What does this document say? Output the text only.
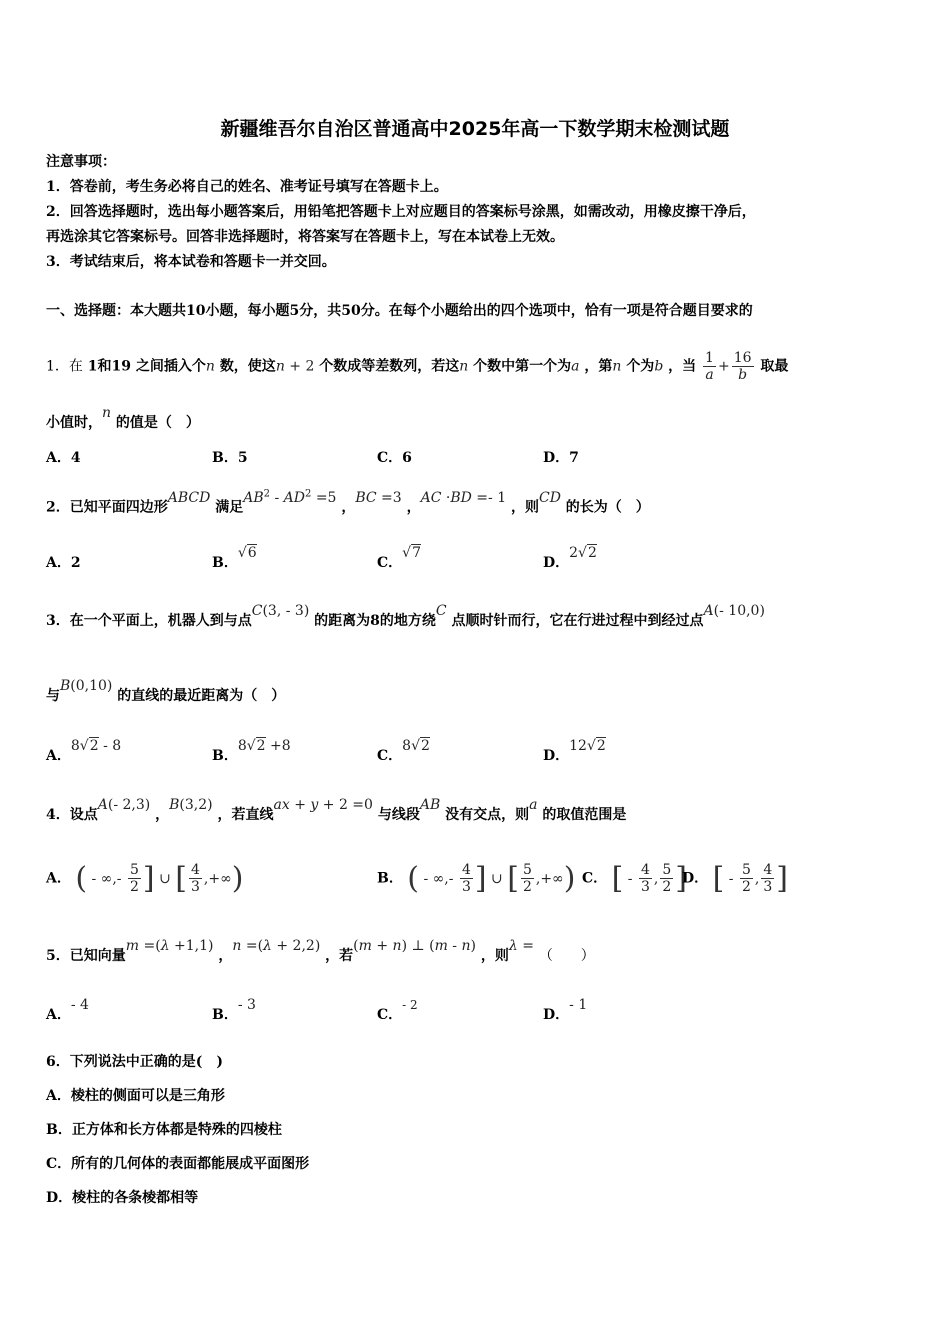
新疆维吾尔自治区普通高中2025年高一下数学期末检测试题
注意事项：
1．答卷前，考生务必将自己的姓名、准考证号填写在答题卡上。
2．回答选择题时，选出每小题答案后，用铅笔把答题卡上对应题目的答案标号涂黑，如需改动，用橡皮擦干净后，
再选涂其它答案标号。回答非选择题时，将答案写在答题卡上，写在本试卷上无效。
3．考试结束后，将本试卷和答题卡一并交回。
一、选择题：本大题共10小题，每小题5分，共50分。在每个小题给出的四个选项中，恰有一项是符合题目要求的
1．在 1和19 之间插入个n 数，使这n + 2 个数成等差数列，若这n 个数中第一个为a ，第n 个为b ，当 $\frac{1}{a} + \frac{16}{b}$ 取最
小值时，n 的值是（　）
A．4	B．5	C．6	D．7
2．已知平面四边形ABCD 满足$AB^2 - AD^2 =5$ ，BC =3 ，AC ·BD =- 1 ，则CD 的长为（　）
A．2	B．√6
C．√7
D．2√2
3．在一个平面上，机器人到与点C(3, - 3) 的距离为8的地方绕C 点顺时针而行，它在行进过程中到经过点A(- 10,0)
与B(0,10) 的直线的最近距离为（　）
A．8√2 - 8
B．8√2 +8
C．8√2
D．12√2
4．设点A(- 2,3) ，B(3,2) ，若直线ax + y + 2 =0 与线段AB 没有交点，则a 的取值范围是
A． ( - ∞,- $\frac{5}{2}$ ] ∪ [ $\frac{4}{3}$ ,+∞)	B． ( - ∞,- $\frac{4}{3}$ ] ∪ [ $\frac{5}{2}$ ,+∞) C． [ - $\frac{4}{3}$ , $\frac{5}{2}$ ]
D． [ - $\frac{5}{2}$ , $\frac{4}{3}$ ]
5．已知向量m =(λ +1,1) ，n =(λ + 2,2) ，若(m + n) ⊥ (m - n) ，则λ = （　　）
A．- 4
B．- 3
C．- 2
D．- 1
6．下列说法中正确的是(　)
A．棱柱的侧面可以是三角形
B．正方体和长方体都是特殊的四棱柱
C．所有的几何体的表面都能展成平面图形
D．棱柱的各条棱都相等
